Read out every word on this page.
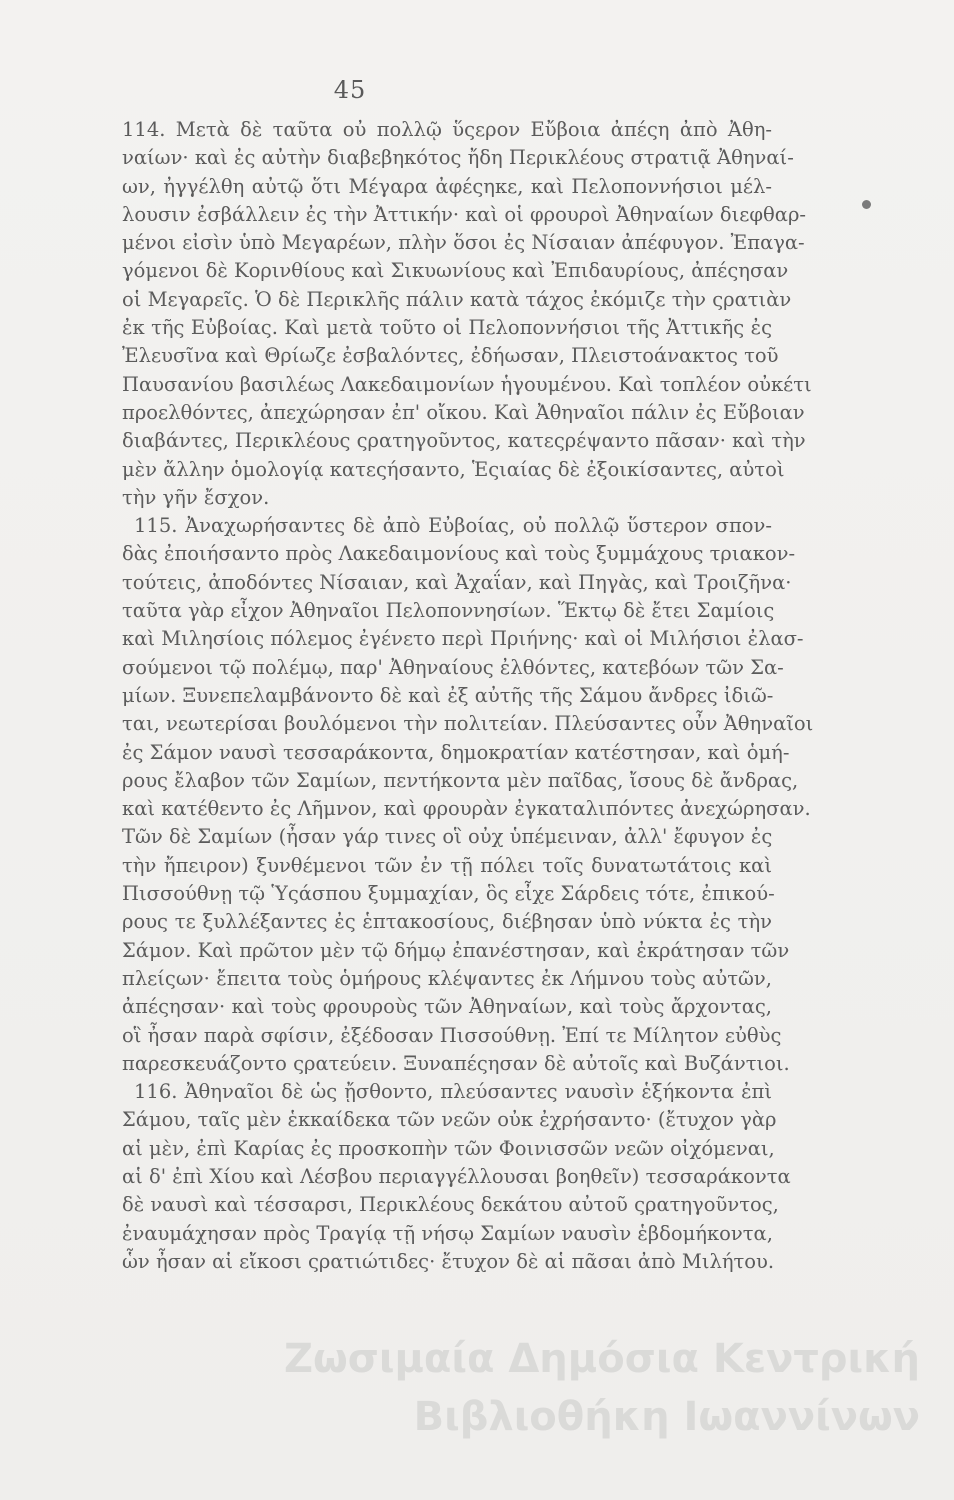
45
114. Μετὰ δὲ ταῦτα οὐ πολλῷ ὕςερον Εὔβοια ἀπέςη ἀπὸ Ἀθη-
ναίων· καὶ ἐς αὐτὴν διαβεβηκότος ἤδη Περικλέους στρατιᾷ Ἀθηναί-
ων, ἠγγέλθη αὐτῷ ὅτι Μέγαρα ἀφέςηκε, καὶ Πελοποννήσιοι μέλ-
λουσιν ἐσβάλλειν ἐς τὴν Ἀττικήν· καὶ οἱ φρουροὶ Ἀθηναίων διεφθαρ-
μένοι εἰσὶν ὑπὸ Μεγαρέων, πλὴν ὅσοι ἐς Νίσαιαν ἀπέφυγον. Ἐπαγα-
γόμενοι δὲ Κορινθίους καὶ Σικυωνίους καὶ Ἐπιδαυρίους, ἀπέςησαν
οἱ Μεγαρεῖς. Ὁ δὲ Περικλῆς πάλιν κατὰ τάχος ἐκόμιζε τὴν ςρατιὰν
ἐκ τῆς Εὐβοίας. Καὶ μετὰ τοῦτο οἱ Πελοποννήσιοι τῆς Ἀττικῆς ἐς
Ἐλευσῖνα καὶ Θρίωζε ἐσβαλόντες, ἐδήωσαν, Πλειστοάνακτος τοῦ
Παυσανίου βασιλέως Λακεδαιμονίων ἡγουμένου. Καὶ τοπλέον οὐκέτι
προελθόντες, ἀπεχώρησαν ἐπ' οἴκου. Καὶ Ἀθηναῖοι πάλιν ἐς Εὔβοιαν
διαβάντες, Περικλέους ςρατηγοῦντος, κατεςρέψαντο πᾶσαν· καὶ τὴν
μὲν ἄλλην ὁμολογίᾳ κατεςήσαντο, Ἑςιαίας δὲ ἐξοικίσαντες, αὐτοὶ
τὴν γῆν ἔσχον.
115. Ἀναχωρήσαντες δὲ ἀπὸ Εὐβοίας, οὐ πολλῷ ὕστερον σπον-
δὰς ἐποιήσαντο πρὸς Λακεδαιμονίους καὶ τοὺς ξυμμάχους τριακον-
τούτεις, ἀποδόντες Νίσαιαν, καὶ Ἀχαΐαν, καὶ Πηγὰς, καὶ Τροιζῆνα·
ταῦτα γὰρ εἶχον Ἀθηναῖοι Πελοποννησίων. Ἕκτῳ δὲ ἔτει Σαμίοις
καὶ Μιλησίοις πόλεμος ἐγένετο περὶ Πριήνης· καὶ οἱ Μιλήσιοι ἐλασ-
σούμενοι τῷ πολέμῳ, παρ' Ἀθηναίους ἐλθόντες, κατεβόων τῶν Σα-
μίων. Ξυνεπελαμβάνοντο δὲ καὶ ἐξ αὐτῆς τῆς Σάμου ἄνδρες ἰδιῶ-
ται, νεωτερίσαι βουλόμενοι τὴν πολιτείαν. Πλεύσαντες οὖν Ἀθηναῖοι
ἐς Σάμον ναυσὶ τεσσαράκοντα, δημοκρατίαν κατέστησαν, καὶ ὁμή-
ρους ἔλαβον τῶν Σαμίων, πεντήκοντα μὲν παῖδας, ἴσους δὲ ἄνδρας,
καὶ κατέθεντο ἐς Λῆμνον, καὶ φρουρὰν ἐγκαταλιπόντες ἀνεχώρησαν.
Τῶν δὲ Σαμίων (ἦσαν γάρ τινες οἳ οὐχ ὑπέμειναν, ἀλλ' ἔφυγον ἐς
τὴν ἤπειρον) ξυνθέμενοι τῶν ἐν τῇ πόλει τοῖς δυνατωτάτοις καὶ
Πισσούθνῃ τῷ Ὑςάσπου ξυμμαχίαν, ὃς εἶχε Σάρδεις τότε, ἐπικού-
ρους τε ξυλλέξαντες ἐς ἑπτακοσίους, διέβησαν ὑπὸ νύκτα ἐς τὴν
Σάμον. Καὶ πρῶτον μὲν τῷ δήμῳ ἐπανέστησαν, καὶ ἐκράτησαν τῶν
πλείςων· ἔπειτα τοὺς ὁμήρους κλέψαντες ἐκ Λήμνου τοὺς αὐτῶν,
ἀπέςησαν· καὶ τοὺς φρουροὺς τῶν Ἀθηναίων, καὶ τοὺς ἄρχοντας,
οἳ ἦσαν παρὰ σφίσιν, ἐξέδοσαν Πισσούθνῃ. Ἐπί τε Μίλητον εὐθὺς
παρεσκευάζοντο ςρατεύειν. Ξυναπέςησαν δὲ αὐτοῖς καὶ Βυζάντιοι.
116. Ἀθηναῖοι δὲ ὡς ᾔσθοντο, πλεύσαντες ναυσὶν ἑξήκοντα ἐπὶ
Σάμου, ταῖς μὲν ἑκκαίδεκα τῶν νεῶν οὐκ ἐχρήσαντο· (ἔτυχον γὰρ
αἱ μὲν, ἐπὶ Καρίας ἐς προσκοπὴν τῶν Φοινισσῶν νεῶν οἰχόμεναι,
αἱ δ' ἐπὶ Χίου καὶ Λέσβου περιαγγέλλουσαι βοηθεῖν) τεσσαράκοντα
δὲ ναυσὶ καὶ τέσσαρσι, Περικλέους δεκάτου αὐτοῦ ςρατηγοῦντος,
ἐναυμάχησαν πρὸς Τραγίᾳ τῇ νήσῳ Σαμίων ναυσὶν ἑβδομήκοντα,
ὧν ἦσαν αἱ εἴκοσι ςρατιώτιδες· ἔτυχον δὲ αἱ πᾶσαι ἀπὸ Μιλήτου.
Ζωσιμαία Δημόσια Κεντρική
Βιβλιοθήκη Ιωαννίνων
